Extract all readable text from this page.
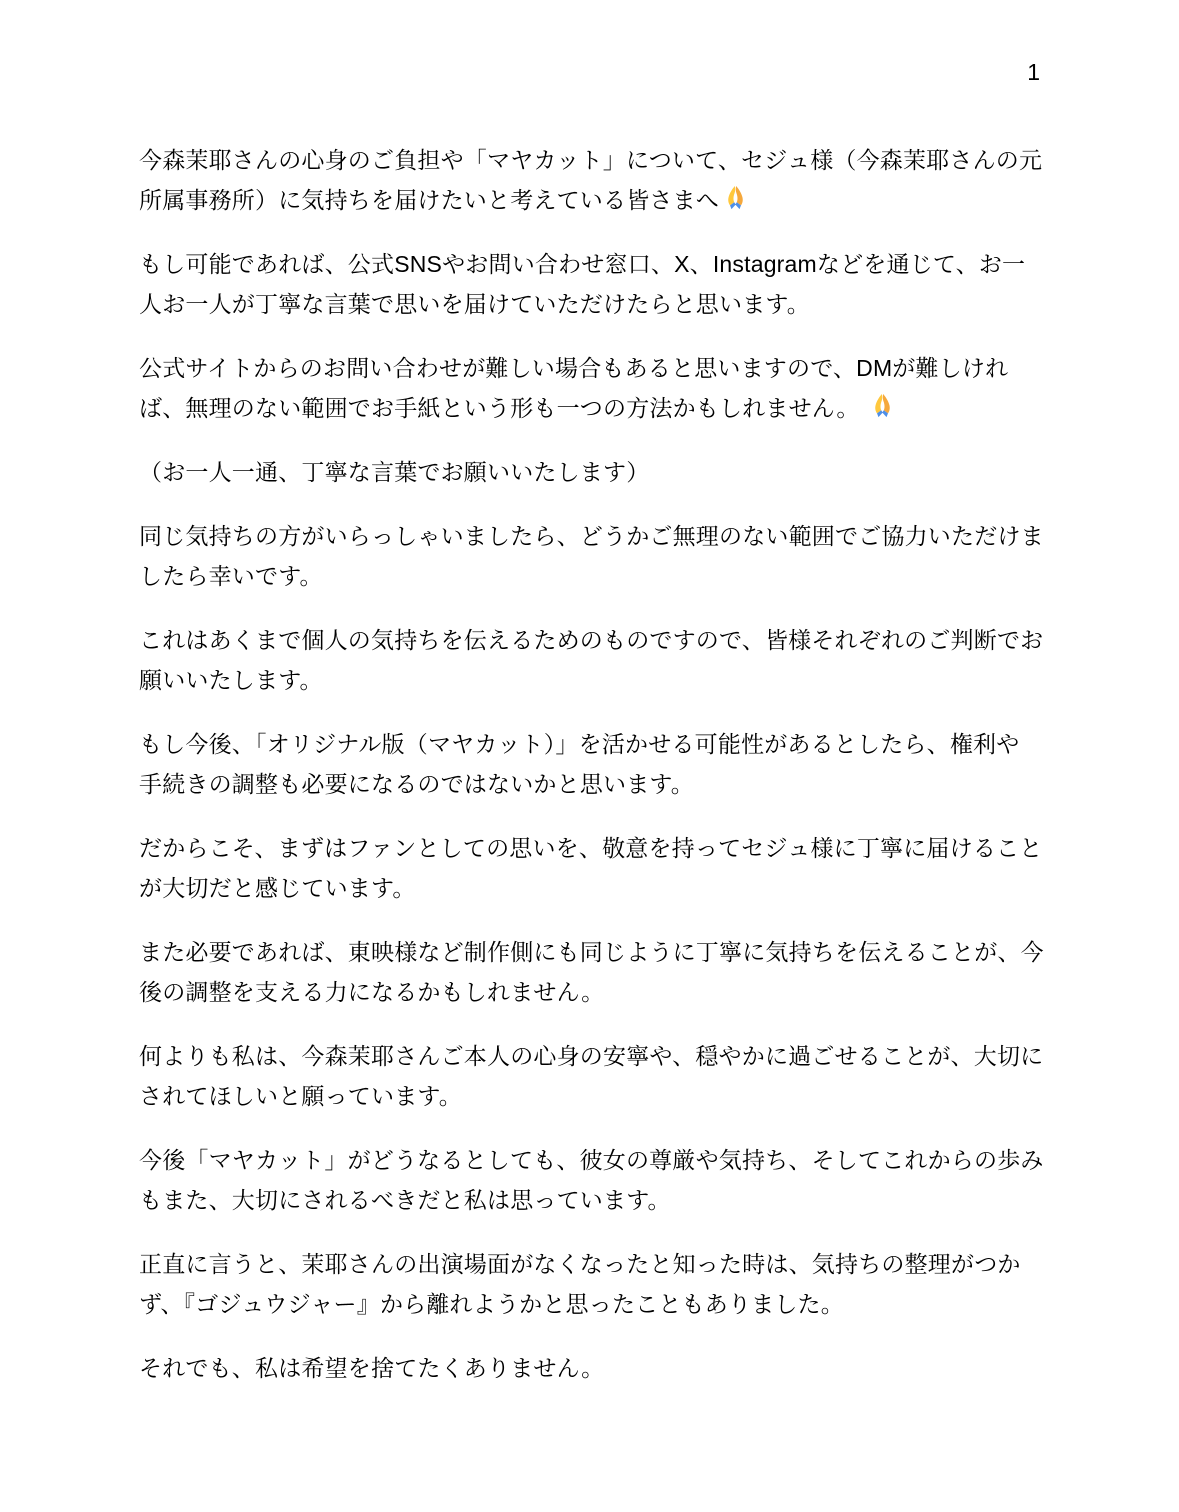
1

今森茉耶さんの心身のご負担や「マヤカット」について、セジュ様（今森茉耶さんの元
所属事務所）に気持ちを届けたいと考えている皆さまへ

もし可能であれば、公式SNSやお問い合わせ窓口、X、Instagramなどを通じて、お一
人お一人が丁寧な言葉で思いを届けていただけたらと思います。

公式サイトからのお問い合わせが難しい場合もあると思いますので、DMが難しけれ
ば、無理のない範囲でお手紙という形も一つの方法かもしれません。

（お一人一通、丁寧な言葉でお願いいたします）

同じ気持ちの方がいらっしゃいましたら、どうかご無理のない範囲でご協力いただけま
したら幸いです。

これはあくまで個人の気持ちを伝えるためのものですので、皆様それぞれのご判断でお
願いいたします。

もし今後、「オリジナル版（マヤカット）」を活かせる可能性があるとしたら、権利や
手続きの調整も必要になるのではないかと思います。

だからこそ、まずはファンとしての思いを、敬意を持ってセジュ様に丁寧に届けること
が大切だと感じています。

また必要であれば、東映様など制作側にも同じように丁寧に気持ちを伝えることが、今
後の調整を支える力になるかもしれません。

何よりも私は、今森茉耶さんご本人の心身の安寧や、穏やかに過ごせることが、大切に
されてほしいと願っています。

今後「マヤカット」がどうなるとしても、彼女の尊厳や気持ち、そしてこれからの歩み
もまた、大切にされるべきだと私は思っています。

正直に言うと、茉耶さんの出演場面がなくなったと知った時は、気持ちの整理がつか
ず、『ゴジュウジャー』から離れようかと思ったこともありました。

それでも、私は希望を捨てたくありません。
